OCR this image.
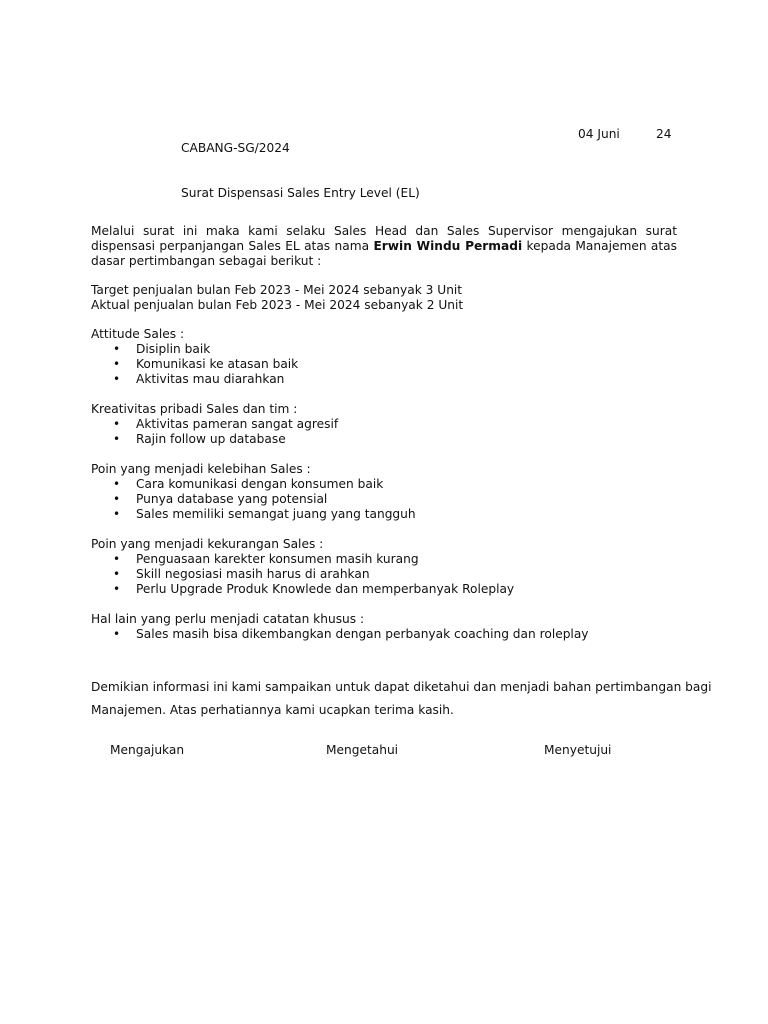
04 Juni	24
CABANG-SG/2024
Surat Dispensasi Sales Entry Level (EL)

Melalui surat ini maka kami selaku Sales Head dan Sales Supervisor mengajukan surat dispensasi perpanjangan Sales EL atas nama Erwin Windu Permadi kepada Manajemen atas dasar pertimbangan sebagai berikut :

Target penjualan bulan Feb 2023 - Mei 2024 sebanyak 3 Unit
Aktual penjualan bulan Feb 2023 - Mei 2024 sebanyak 2 Unit
Attitude Sales :
• Disiplin baik
• Komunikasi ke atasan baik
• Aktivitas mau diarahkan
Kreativitas pribadi Sales dan tim :
• Aktivitas pameran sangat agresif
• Rajin follow up database
Poin yang menjadi kelebihan Sales :
• Cara komunikasi dengan konsumen baik
• Punya database yang potensial
• Sales memiliki semangat juang yang tangguh
Poin yang menjadi kekurangan Sales :
• Penguasaan karekter konsumen masih kurang
• Skill negosiasi masih harus di arahkan
• Perlu Upgrade Produk Knowlede dan memperbanyak Roleplay
Hal lain yang perlu menjadi catatan khusus :
• Sales masih bisa dikembangkan dengan perbanyak coaching dan roleplay
Demikian informasi ini kami sampaikan untuk dapat diketahui dan menjadi bahan pertimbangan bagi
Manajemen. Atas perhatiannya kami ucapkan terima kasih.
Mengajukan	Mengetahui	Menyetujui
